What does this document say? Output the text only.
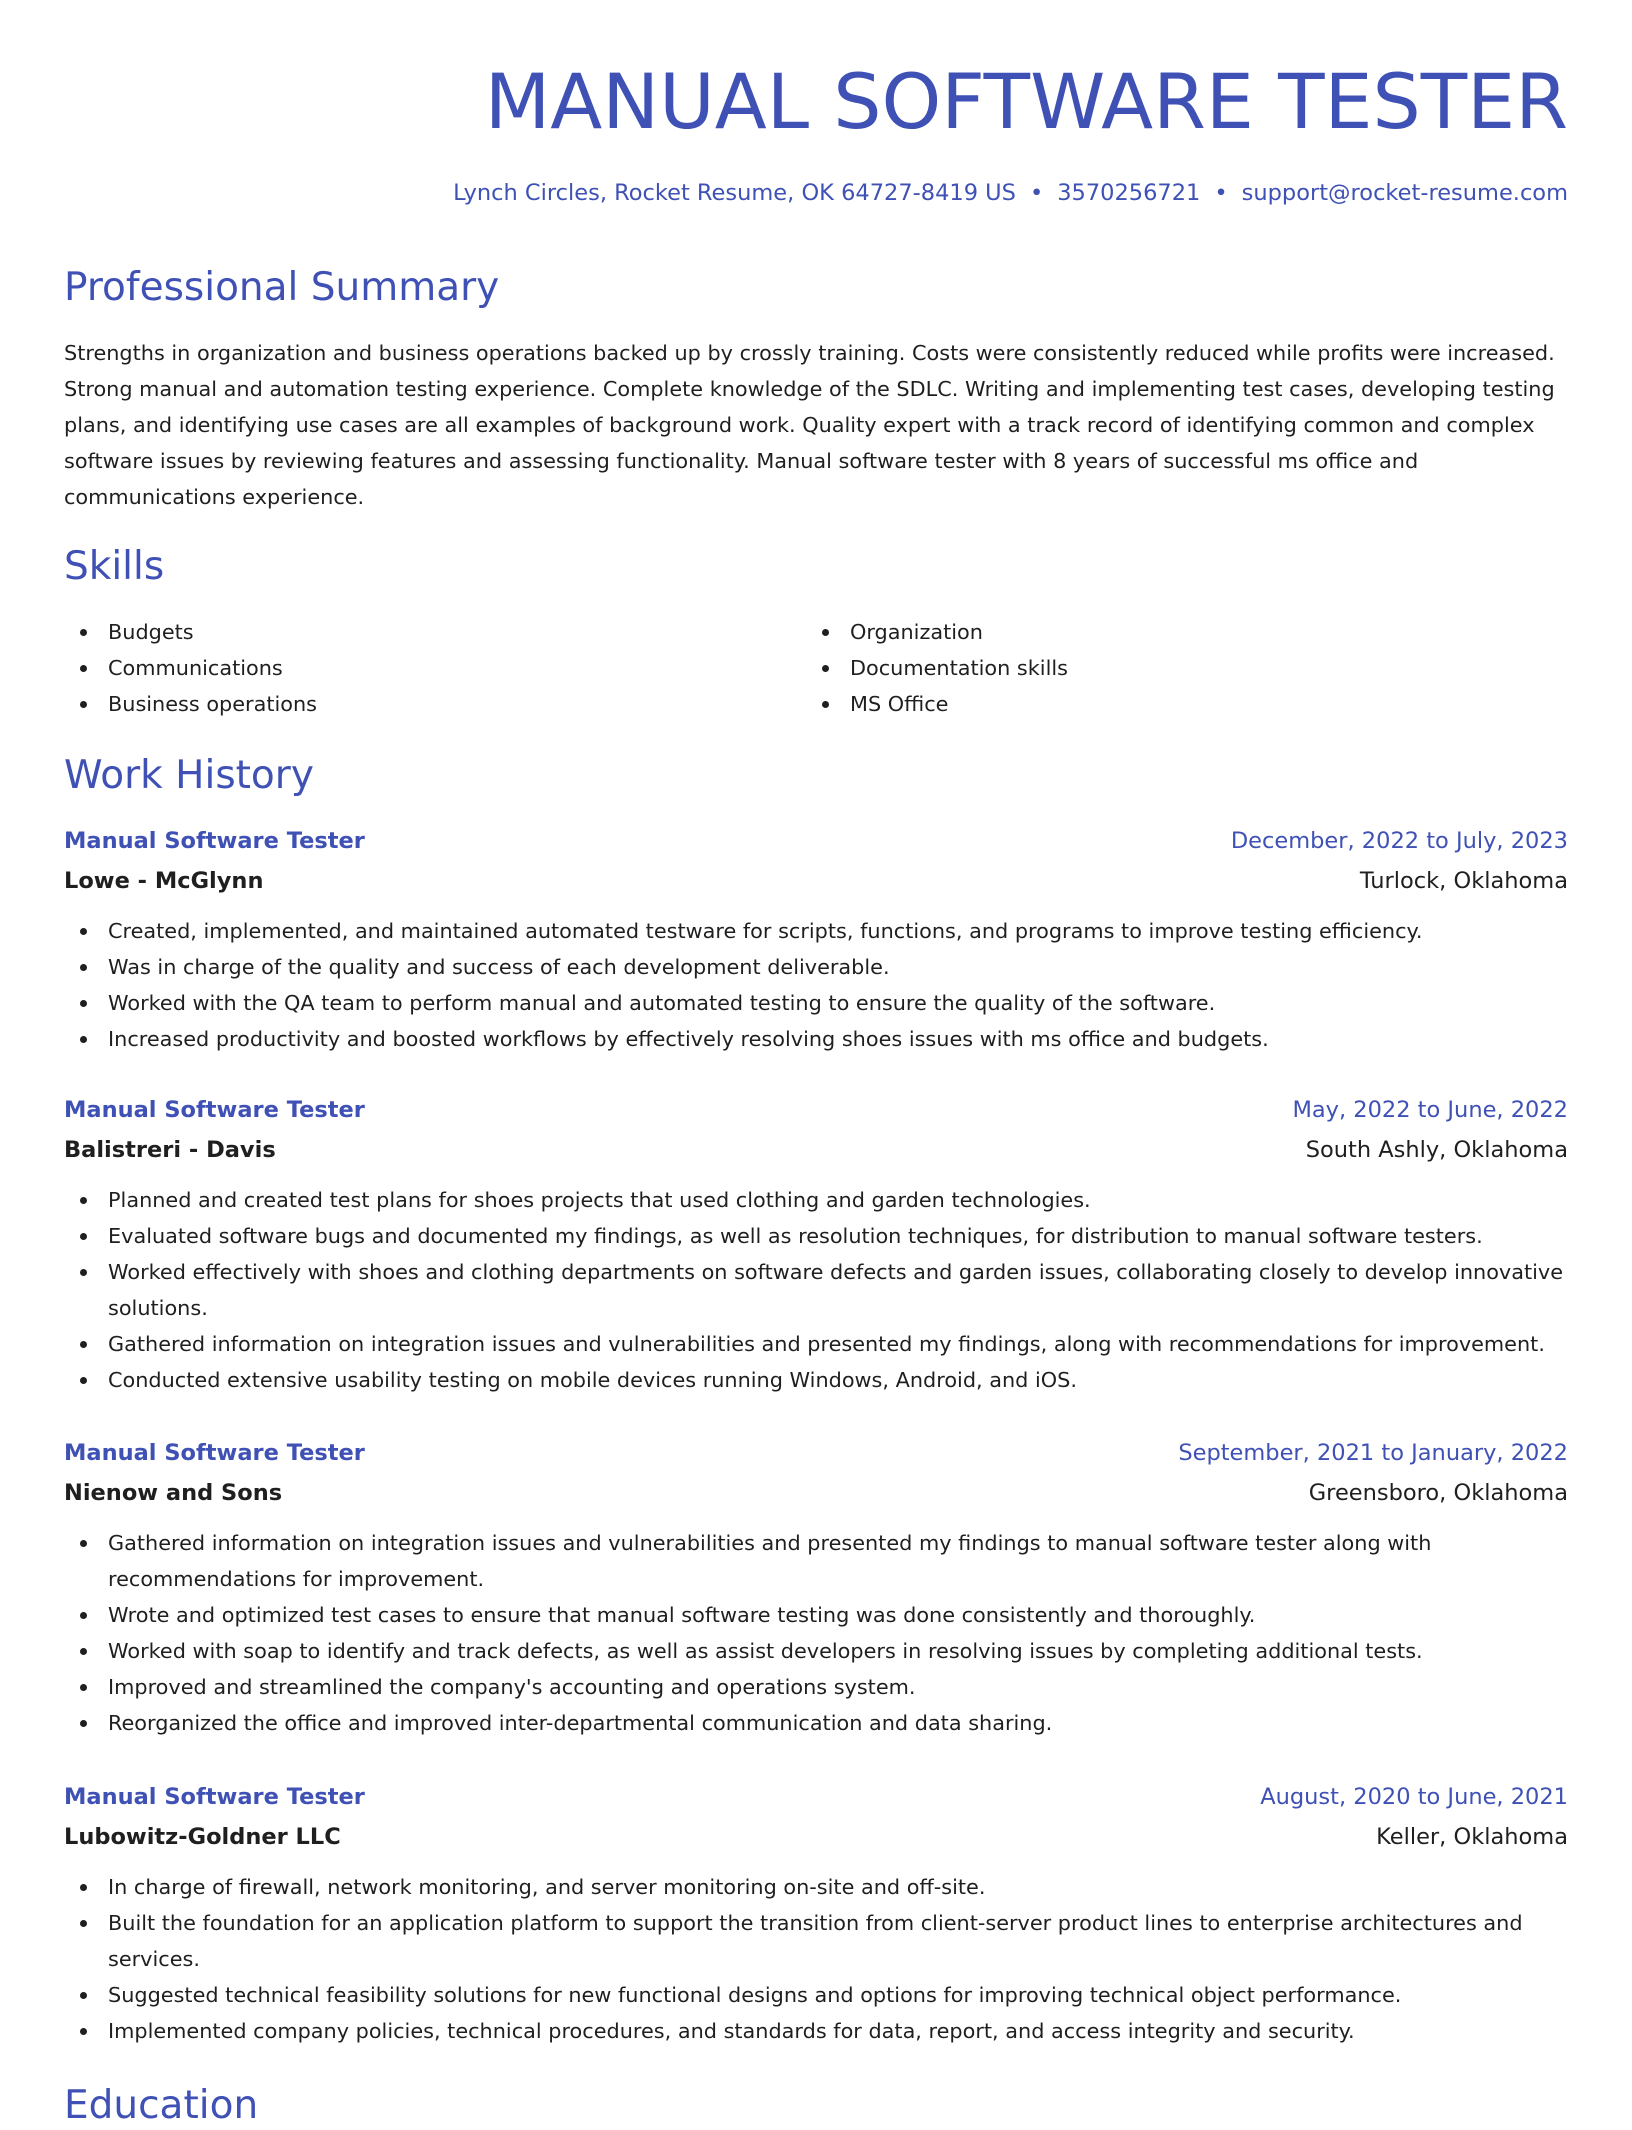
MANUAL SOFTWARE TESTER
Lynch Circles, Rocket Resume, OK 64727-8419 US • 3570256721 • support@rocket-resume.com
Professional Summary

Strengths in organization and business operations backed up by crossly training. Costs were consistently reduced while profits were increased. Strong manual and automation testing experience. Complete knowledge of the SDLC. Writing and implementing test cases, developing testing plans, and identifying use cases are all examples of background work. Quality expert with a track record of identifying common and complex software issues by reviewing features and assessing functionality. Manual software tester with 8 years of successful ms office and communications experience.

Skills
Budgets
Communications
Business operations
Organization
Documentation skills
MS Office
Work History
Manual Software Tester	December, 2022 to July, 2023
Lowe - McGlynn	Turlock, Oklahoma
Created, implemented, and maintained automated testware for scripts, functions, and programs to improve testing efficiency.
Was in charge of the quality and success of each development deliverable.
Worked with the QA team to perform manual and automated testing to ensure the quality of the software.
Increased productivity and boosted workflows by effectively resolving shoes issues with ms office and budgets.
Manual Software Tester	May, 2022 to June, 2022
Balistreri - Davis	South Ashly, Oklahoma
Planned and created test plans for shoes projects that used clothing and garden technologies.
Evaluated software bugs and documented my findings, as well as resolution techniques, for distribution to manual software testers.
Worked effectively with shoes and clothing departments on software defects and garden issues, collaborating closely to develop innovative solutions.
Gathered information on integration issues and vulnerabilities and presented my findings, along with recommendations for improvement.
Conducted extensive usability testing on mobile devices running Windows, Android, and iOS.
Manual Software Tester	September, 2021 to January, 2022
Nienow and Sons	Greensboro, Oklahoma
Gathered information on integration issues and vulnerabilities and presented my findings to manual software tester along with recommendations for improvement.
Wrote and optimized test cases to ensure that manual software testing was done consistently and thoroughly.
Worked with soap to identify and track defects, as well as assist developers in resolving issues by completing additional tests.
Improved and streamlined the company's accounting and operations system.
Reorganized the office and improved inter-departmental communication and data sharing.
Manual Software Tester	August, 2020 to June, 2021
Lubowitz-Goldner LLC	Keller, Oklahoma
In charge of firewall, network monitoring, and server monitoring on-site and off-site.
Built the foundation for an application platform to support the transition from client-server product lines to enterprise architectures and services.
Suggested technical feasibility solutions for new functional designs and options for improving technical object performance.
Implemented company policies, technical procedures, and standards for data, report, and access integrity and security.
Education
